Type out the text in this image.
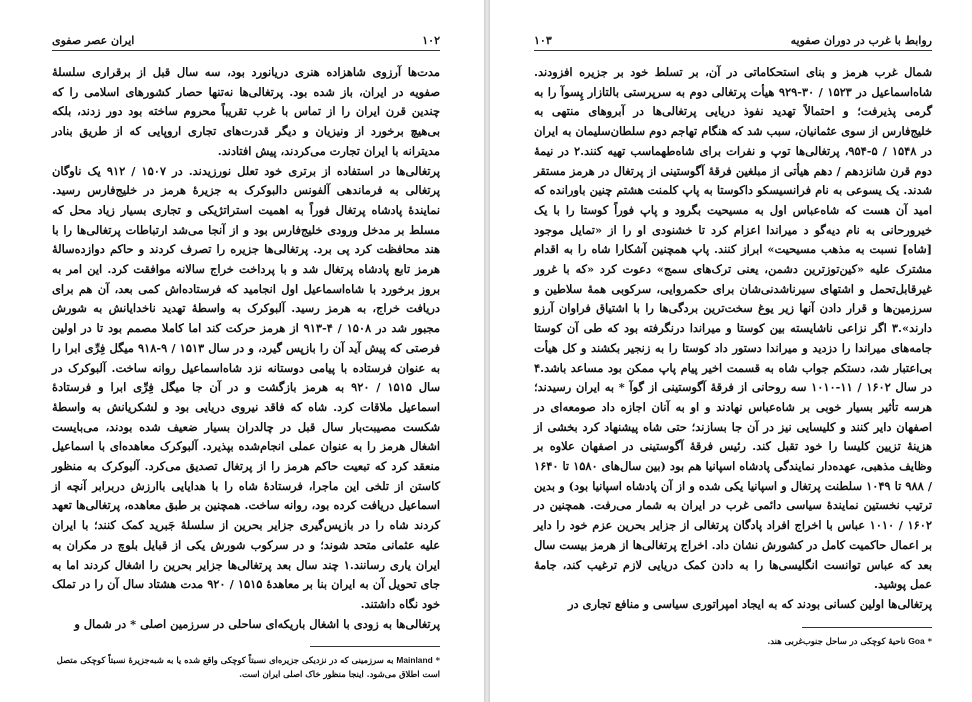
۱۰۲
ایران عصر صفوی

مدت‌ها آرزوی شاهزاده هنری دریانورد بود، سه سال قبل از برقراری سلسلهٔ صفویه در ایران، باز شده بود. پرتغالی‌ها نه‌تنها حصار کشورهای اسلامی را که چندین قرن ایران را از تماس با غرب تقریباً محروم ساخته بود دور زدند، بلکه بی‌هیچ برخورد از ونیزیان و دیگر قدرت‌های تجاری اروپایی که از طریق بنادر مدیترانه با ایران تجارت می‌کردند، پیش افتادند.

پرتغالی‌ها در استفاده از برتری خود تعلل نورزیدند. در ۱۵۰۷ / ۹۱۲ یک ناوگان پرتغالی به فرماندهی آلفونس دالبوکرک به جزیرهٔ هرمز در خلیج‌فارس رسید. نمایندهٔ پادشاه پرتغال فوراً به اهمیت استراتژیکی و تجاری بسیار زیاد محل که مسلط بر مدخل ورودی خلیج‌فارس بود و از آنجا می‌شد ارتباطات پرتغالی‌ها را با هند محافظت کرد پی برد. پرتغالی‌ها جزیره را تصرف کردند و حاکم دوازده‌سالهٔ هرمز تابع پادشاه پرتغال شد و با پرداخت خراج سالانه موافقت کرد. این امر به بروز برخورد با شاه‌اسماعیل اول انجامید که فرستاده‌اش کمی بعد، آن هم برای دریافت خراج، به هرمز رسید. آلبوکرک به واسطهٔ تهدید ناخدایانش به شورش مجبور شد در ۱۵۰۸ / ۴-۹۱۳ از هرمز حرکت کند اما کاملا مصمم بود تا در اولین فرصتی که پیش آید آن را بازپس گیرد، و در سال ۱۵۱۳ / ۹-۹۱۸ میگل فِرِّی ابرا را به عنوان فرستاده با پیامی دوستانه نزد شاه‌اسماعیل روانه ساخت. آلبوکرک در سال ۱۵۱۵ / ۹۲۰ به هرمز بازگشت و در آن جا میگل فِرِّی ابرا و فرستادهٔ اسماعیل ملاقات کرد. شاه که فاقد نیروی دریایی بود و لشکریانش به واسطهٔ شکست مصیبت‌بار سال قبل در چالدران بسیار ضعیف شده بودند، می‌بایست اشغال هرمز را به عنوان عملی انجام‌شده بپذیرد. آلبوکرک معاهده‌ای با اسماعیل منعقد کرد که تبعیت حاکم هرمز را از پرتغال تصدیق می‌کرد. آلبوکرک به منظور کاستن از تلخی این ماجرا، فرستادهٔ شاه را با هدایایی باارزش دربرابر آنچه از اسماعیل دریافت کرده بود، روانه ساخت. همچنین بر طبق معاهده، پرتغالی‌ها تعهد کردند شاه را در بازپس‌گیری جزایر بحرین از سلسلهٔ جَبرید کمک کنند؛ با ایران علیه عثمانی متحد شوند؛ و در سرکوب شورش یکی از قبایل بلوچ در مکران به ایران یاری رسانند.۱ چند سال بعد پرتغالی‌ها جزایر بحرین را اشغال کردند اما به جای تحویل آن به ایران بنا بر معاهدهٔ ۱۵۱۵ / ۹۲۰ مدت هشتاد سال آن را در تملک خود نگاه داشتند.

پرتغالی‌ها به زودی با اشغال باریکه‌ای ساحلی در سرزمین اصلی * در شمال و

* Mainland به سرزمینی که در نزدیکی جزیره‌ای نسبتاً کوچکی واقع شده یا به شبه‌جزیرهٔ نسبتاً کوچکی متصل است اطلاق می‌شود. اینجا منظور خاک اصلی ایران است.
روابط با غرب در دوران صفویه
۱۰۳

شمال غرب هرمز و بنای استحکاماتی در آن، بر تسلط خود بر جزیره افزودند. شاه‌اسماعیل در ۱۵۲۳ / ۳۰-۹۲۹ هیأت پرتغالی دوم به سرپرستی بالتازار پِسوآ را به گرمی پذیرفت؛ و احتمالاً تهدید نفوذ دریایی پرتغالی‌ها در آبروهای منتهی به خلیج‌فارس از سوی عثمانیان، سبب شد که هنگام تهاجم دوم سلطان‌سلیمان به ایران در ۱۵۴۸ / ۵-۹۵۴، پرتغالی‌ها توپ و نفرات برای شاه‌طهماسب تهیه کنند.۲ در نیمهٔ دوم قرن شانزدهم / دهم هیأتی از مبلغین فرقهٔ آگوستینی از پرتغال در هرمز مستقر شدند. یک یسوعی به نام فرانسیسکو داکوستا به پاپ کلمنت هشتم چنین باورانده که امید آن هست که شاه‌عباس اول به مسیحیت بگرود و پاپ فوراً کوستا را با یک خیرورحانی به نام دیه‌گو د میراندا اعزام کرد تا خشنودی او را از «تمایل موجود [شاه] نسبت به مذهب مسیحیت» ابراز کنند. پاپ همچنین آشکارا شاه را به اقدام مشترک علیه «کین‌توزترین دشمن، یعنی ترک‌های سمج» دعوت کرد «که با غرور غیرقابل‌تحمل و اشتهای سیرناشدنی‌شان برای حکمروایی، سرکوبی همهٔ سلاطین و سرزمین‌ها و قرار دادن آنها زیر یوغ سخت‌ترین بردگی‌ها را با اشتیاق فراوان آرزو دارند».۳ اگر نزاعی ناشایسته بین کوستا و میراندا درنگرفته بود که طی آن کوستا جامه‌های میراندا را دزدید و میراندا دستور داد کوستا را به زنجیر بکشند و کل هیأت بی‌اعتبار شد، دستکم جواب شاه به قسمت اخیر پیام پاپ ممکن بود مساعد باشد.۴ در سال ۱۶۰۲ / ۱۱-۱۰۱۰ سه روحانی از فرقهٔ آگوستینی از گوآ * به ایران رسیدند؛ هرسه تأثیر بسیار خوبی بر شاه‌عباس نهادند و او به آنان اجازه داد صومعه‌ای در اصفهان دایر کنند و کلیسایی نیز در آن جا بسازند؛ حتی شاه پیشنهاد کرد بخشی از هزینهٔ تزیین کلیسا را خود تقبل کند. رئیس فرقهٔ آگوستینی در اصفهان علاوه بر وظایف مذهبی، عهده‌دار نمایندگی پادشاه اسپانیا هم بود (بین سال‌های ۱۵۸۰ تا ۱۶۴۰ / ۹۸۸ تا ۱۰۴۹ سلطنت پرتغال و اسپانیا یکی شده و از آن پادشاه اسپانیا بود) و بدین ترتیب نخستین نمایندهٔ سیاسی دائمی غرب در ایران به شمار می‌رفت. همچنین در ۱۶۰۲ / ۱۰۱۰ عباس با اخراج افراد پادگان پرتغالی از جزایر بحرین عزم خود را دایر بر اعمال حاکمیت کامل در کشورش نشان داد. اخراج پرتغالی‌ها از هرمز بیست سال بعد که عباس توانست انگلیسی‌ها را به دادن کمک دریایی لازم ترغیب کند، جامهٔ عمل پوشید.

پرتغالی‌ها اولین کسانی بودند که به ایجاد امپراتوری سیاسی و منافع تجاری در

* Goa ناحیهٔ کوچکی در ساحل جنوب‌غربی هند.
